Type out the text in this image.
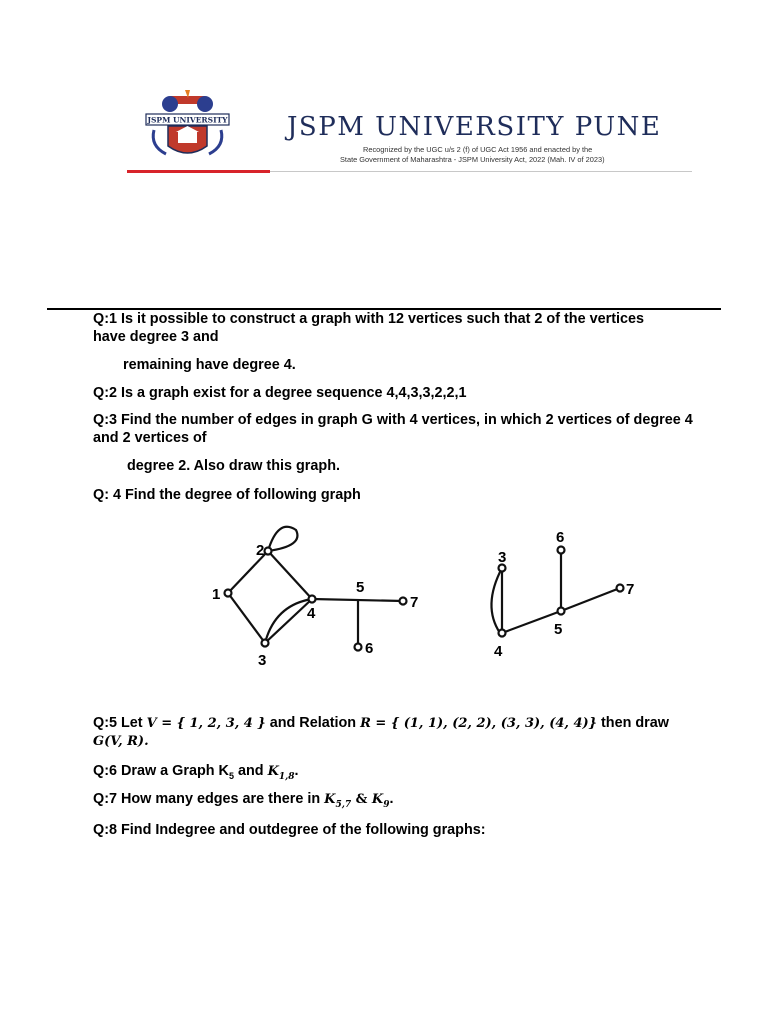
JSPM UNIVERSITY JSPM UNIVERSITY PUNE
Recognized by the UGC u/s 2 (f) of UGC Act 1956 and enacted by the
State Government of Maharashtra - JSPM University Act, 2022 (Mah. IV of 2023)
Q:1 Is it possible to construct a graph with 12 vertices such that 2 of the vertices have degree 3 and
remaining have degree 4.
Q:2 Is a graph exist for a degree sequence 4,4,3,3,2,2,1
Q:3 Find the number of edges in graph G with 4 vertices, in which 2 vertices of degree 4 and 2 vertices of
degree 2. Also draw this graph.
Q: 4 Find the degree of following graph
1
2
3
4
5
6
7
3
4
5
6
7
Q:5 Let V = { 1, 2, 3, 4 } and Relation R = { (1, 1), (2, 2), (3, 3), (4, 4)} then draw
G(V, R).
Q:6 Draw a Graph $K_5$ and $K_{1,8}$.
Q:7 How many edges are there in $K_{5,7}$ & $K_9$.
Q:8 Find Indegree and outdegree of the following graphs:
